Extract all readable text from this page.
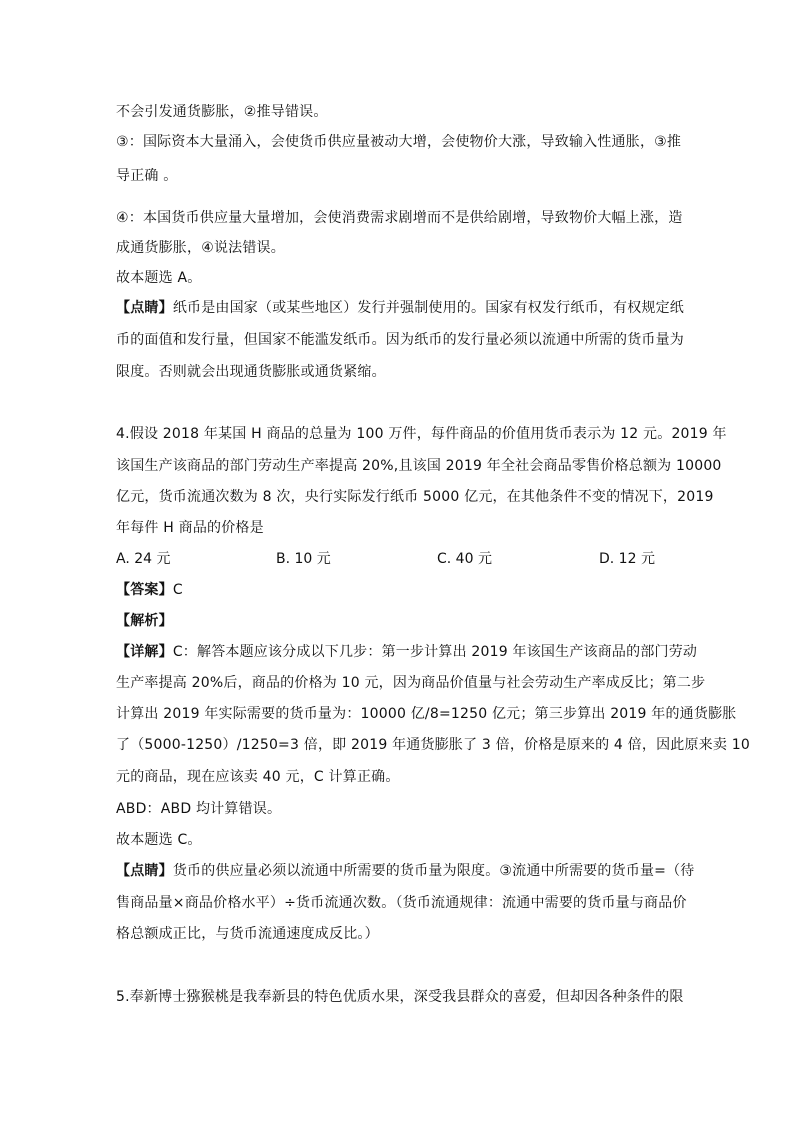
不会引发通货膨胀，②推导错误。
③：国际资本大量涌入，会使货币供应量被动大增，会使物价大涨，导致输入性通胀，③推
导正确 。
④：本国货币供应量大量增加，会使消费需求剧增而不是供给剧增，导致物价大幅上涨，造
成通货膨胀，④说法错误。
故本题选 A。
【点睛】纸币是由国家（或某些地区）发行并强制使用的。国家有权发行纸币，有权规定纸
币的面值和发行量，但国家不能滥发纸币。因为纸币的发行量必须以流通中所需的货币量为
限度。否则就会出现通货膨胀或通货紧缩。
4.假设 2018 年某国 H 商品的总量为 100 万件，每件商品的价值用货币表示为 12 元。2019 年
该国生产该商品的部门劳动生产率提高 20%,且该国 2019 年全社会商品零售价格总额为 10000
亿元，货币流通次数为 8 次，央行实际发行纸币 5000 亿元，在其他条件不变的情况下，2019
年每件 H 商品的价格是
A. 24 元	B. 10 元	C. 40 元	D. 12 元
【答案】C
【解析】
【详解】C：解答本题应该分成以下几步：第一步计算出 2019 年该国生产该商品的部门劳动
生产率提高 20%后，商品的价格为 10 元，因为商品价值量与社会劳动生产率成反比；第二步
计算出 2019 年实际需要的货币量为：10000 亿/8=1250 亿元；第三步算出 2019 年的通货膨胀
了（5000-1250）/1250=3 倍，即 2019 年通货膨胀了 3 倍，价格是原来的 4 倍，因此原来卖 10
元的商品，现在应该卖 40 元，C 计算正确。
ABD：ABD 均计算错误。
故本题选 C。
【点睛】货币的供应量必须以流通中所需要的货币量为限度。③流通中所需要的货币量=（待
售商品量×商品价格水平）÷货币流通次数。（货币流通规律：流通中需要的货币量与商品价
格总额成正比，与货币流通速度成反比。）
5.奉新博士猕猴桃是我奉新县的特色优质水果，深受我县群众的喜爱，但却因各种条件的限
